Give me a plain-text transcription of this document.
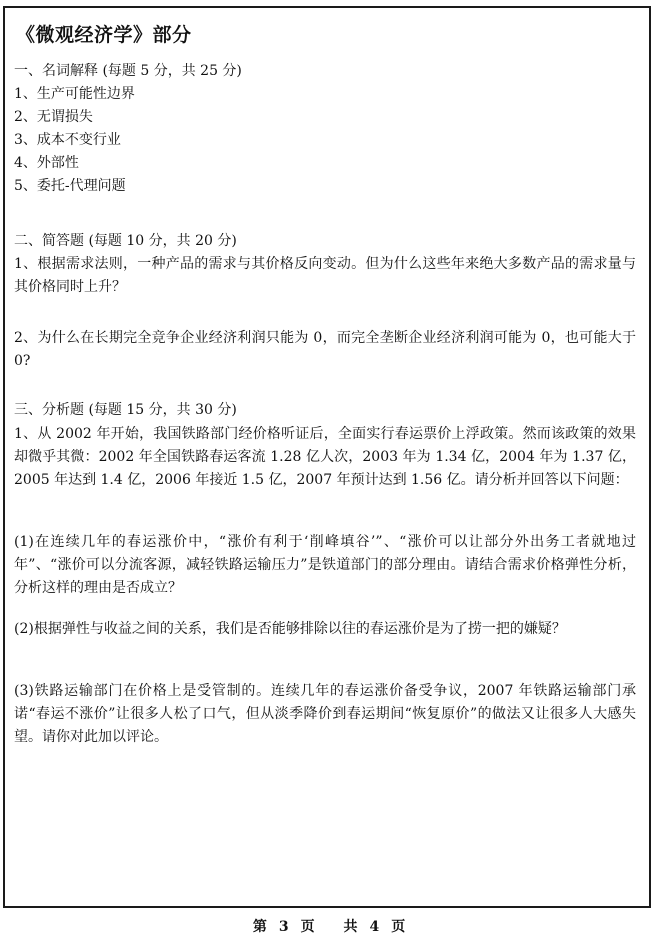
《微观经济学》部分
一、名词解释 (每题 5 分，共 25 分)
1、生产可能性边界
2、无谓损失
3、成本不变行业
4、外部性
5、委托-代理问题
二、简答题 (每题 10 分，共 20 分)
1、根据需求法则，一种产品的需求与其价格反向变动。但为什么这些年来绝大多数产品的需求量与其价格同时上升？
2、为什么在长期完全竞争企业经济利润只能为 0，而完全垄断企业经济利润可能为 0，也可能大于 0?
三、分析题 (每题 15 分，共 30 分)
1、从 2002 年开始，我国铁路部门经价格听证后，全面实行春运票价上浮政策。然而该政策的效果却微乎其微：2002 年全国铁路春运客流 1.28 亿人次，2003 年为 1.34 亿，2004 年为 1.37 亿，2005 年达到 1.4 亿，2006 年接近 1.5 亿，2007 年预计达到 1.56 亿。请分析并回答以下问题：
(1)在连续几年的春运涨价中，“涨价有利于‘削峰填谷’”、“涨价可以让部分外出务工者就地过年”、“涨价可以分流客源，减轻铁路运输压力”是铁道部门的部分理由。请结合需求价格弹性分析，分析这样的理由是否成立？
(2)根据弹性与收益之间的关系，我们是否能够排除以往的春运涨价是为了捞一把的嫌疑？
(3)铁路运输部门在价格上是受管制的。连续几年的春运涨价备受争议，2007 年铁路运输部门承诺“春运不涨价”让很多人松了口气，但从淡季降价到春运期间“恢复原价”的做法又让很多人大感失望。请你对此加以评论。
第 3 页 共 4 页
